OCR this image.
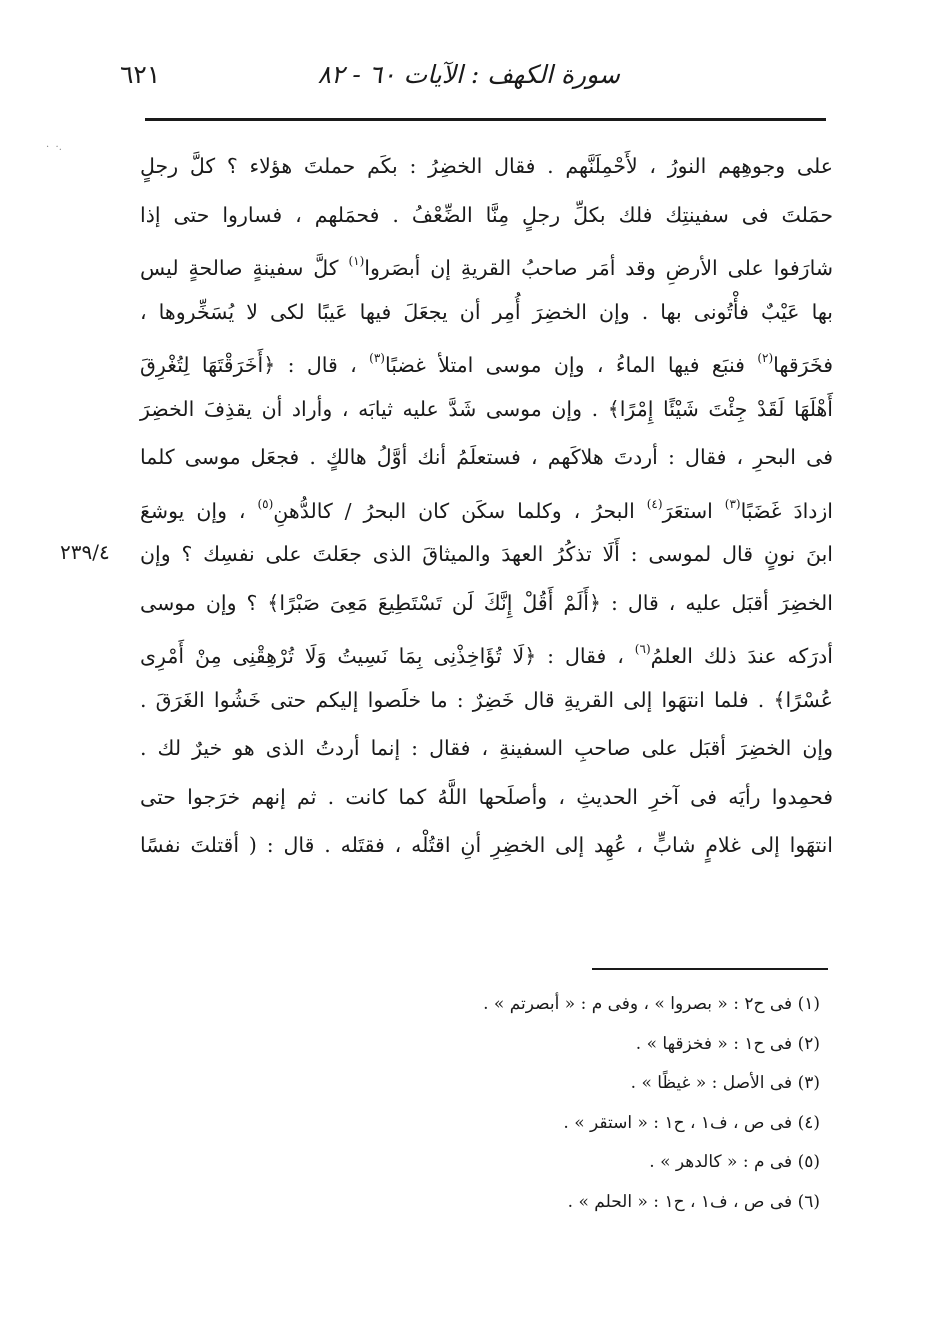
٦٢١	سورة الكهف : الآيات ٦٠ - ٨٢
·  ·.
على وجوهِهم النورُ ، لأَحْمِلَنَّهم . فقال الخضِرُ : بكَم حملتَ هؤلاء ؟ كلَّ رجلٍ
حمَلتَ فى سفينتِك فلك بكلِّ رجلٍ مِنَّا الضِّعْفُ . فحمَلهم ، فساروا حتى إذا
شارَفوا على الأرضِ وقد أمَر صاحبُ القريةِ إن أبصَروا$^{(١)}$ كلَّ سفينةٍ صالحةٍ ليس
بها عَيْبٌ فأْتُونى بها . وإن الخضِرَ أُمِر أن يجعَلَ فيها عَيبًا لكى لا يُسَخِّروها ،
فخَرَقها$^{(٢)}$ فنبَع فيها الماءُ ، وإن موسى امتلأ غضبًا$^{(٣)}$ ، قال : ﴿أَخَرَقْتَهَا لِتُغْرِقَ
أَهْلَهَا لَقَدْ جِئْتَ شَيْئًا إِمْرًا﴾ . وإن موسى شَدَّ عليه ثيابَه ، وأراد أن يقذِفَ الخضِرَ
فى البحرِ ، فقال : أردتَ هلاكَهم ، فستعلَمُ أنك أوَّلُ هالكٍ . فجعَل موسى كلما
ازدادَ غَضَبًا$^{(٣)}$ استعَرَ$^{(٤)}$ البحرُ ، وكلما سكَن كان البحرُ / كالدُّهنِ$^{(٥)}$ ، وإن يوشعَ
ابنَ نونٍ قال لموسى : أَلَا تذكُرُ العهدَ والميثاقَ الذى جعَلتَ على نفسِك ؟ وإن
الخضِرَ أقبَل عليه ، قال : ﴿أَلَمْ أَقُلْ إِنَّكَ لَن تَسْتَطِيعَ مَعِىَ صَبْرًا﴾ ؟ وإن موسى
أدرَكه عندَ ذلك العلمُ$^{(٦)}$ ، فقال : ﴿لَا تُؤَاخِذْنِى بِمَا نَسِيتُ وَلَا تُرْهِقْنِى مِنْ أَمْرِى
عُسْرًا﴾ . فلما انتهَوا إلى القريةِ قال خَضِرٌ : ما خلَصوا إليكم حتى خَشُوا الغَرَقَ .
وإن الخضِرَ أقبَل على صاحبِ السفينةِ ، فقال : إنما أردتُ الذى هو خيرٌ لك .
فحمِدوا رأيَه فى آخرِ الحديثِ ، وأصلَحها اللَّهُ كما كانت . ثم إنهم خرَجوا حتى
انتهَوا إلى غلامٍ شابٍّ ، عُهِد إلى الخضِرِ أنِ اقتُلْه ، فقتَله . قال : ( أقتلتَ نفسًا
٢٣٩/٤
(١) فى ح٢ : « بصروا » ، وفى م : « أبصرتم » .
(٢) فى ح١ : « فخزقها » .
(٣) فى الأصل : « غيظًا » .
(٤) فى ص ، ف١ ، ح١ : « استقر » .
(٥) فى م : « كالدهر » .
(٦) فى ص ، ف١ ، ح١ : « الحلم » .
